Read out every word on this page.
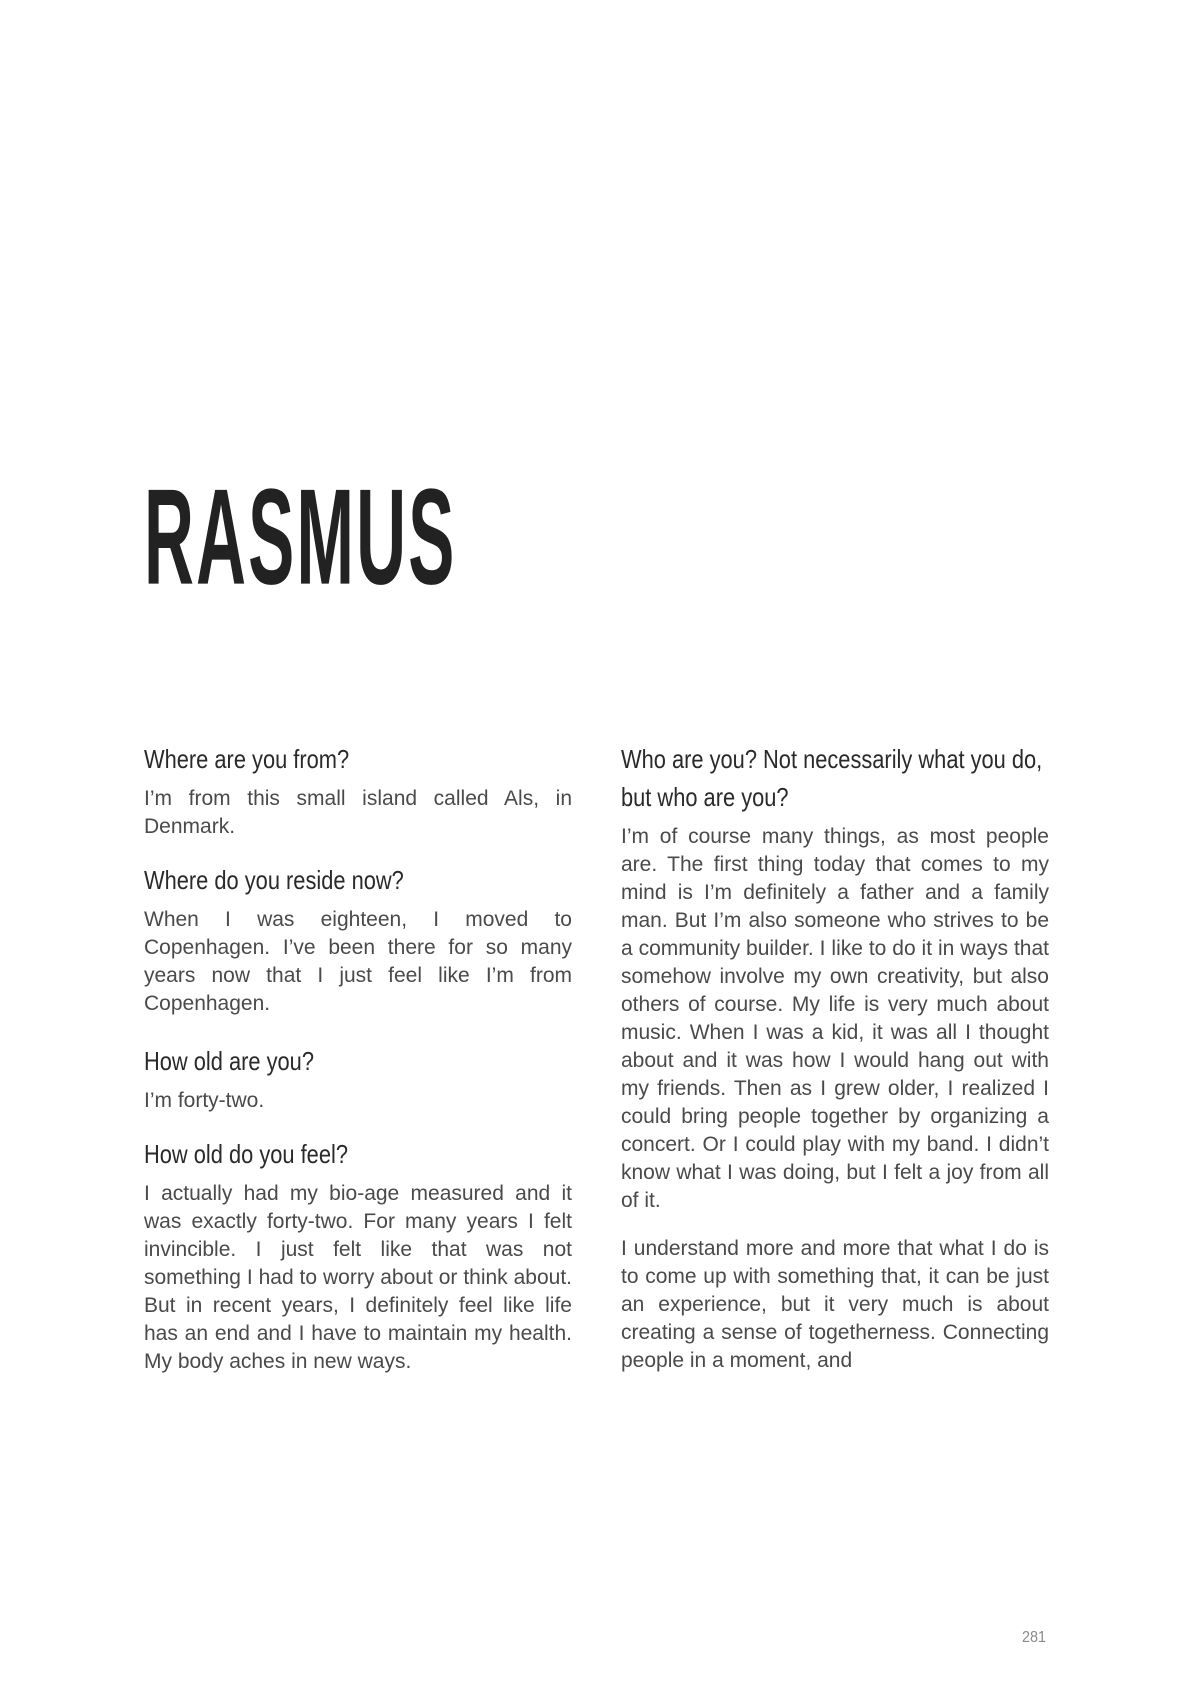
RASMUS
Where are you from?
I’m from this small island called Als, in Denmark.
Where do you reside now?
When I was eighteen, I moved to Copenhagen. I’ve been there for so many years now that I just feel like I’m from Copenhagen.
How old are you?
I’m forty-two.
How old do you feel?
I actually had my bio-age measured and it was exactly forty-two. For many years I felt invincible. I just felt like that was not something I had to worry about or think about. But in recent years, I definitely feel like life has an end and I have to maintain my health. My body aches in new ways.
Who are you? Not necessarily what you do, but who are you?
I’m of course many things, as most people are. The first thing today that comes to my mind is I’m definitely a father and a family man. But I’m also someone who strives to be a community builder. I like to do it in ways that somehow involve my own creativity, but also others of course. My life is very much about music. When I was a kid, it was all I thought about and it was how I would hang out with my friends. Then as I grew older, I realized I could bring people together by organizing a concert. Or I could play with my band. I didn’t know what I was doing, but I felt a joy from all of it.
I understand more and more that what I do is to come up with something that, it can be just an experience, but it very much is about creating a sense of togetherness. Connecting people in a moment, and
281
